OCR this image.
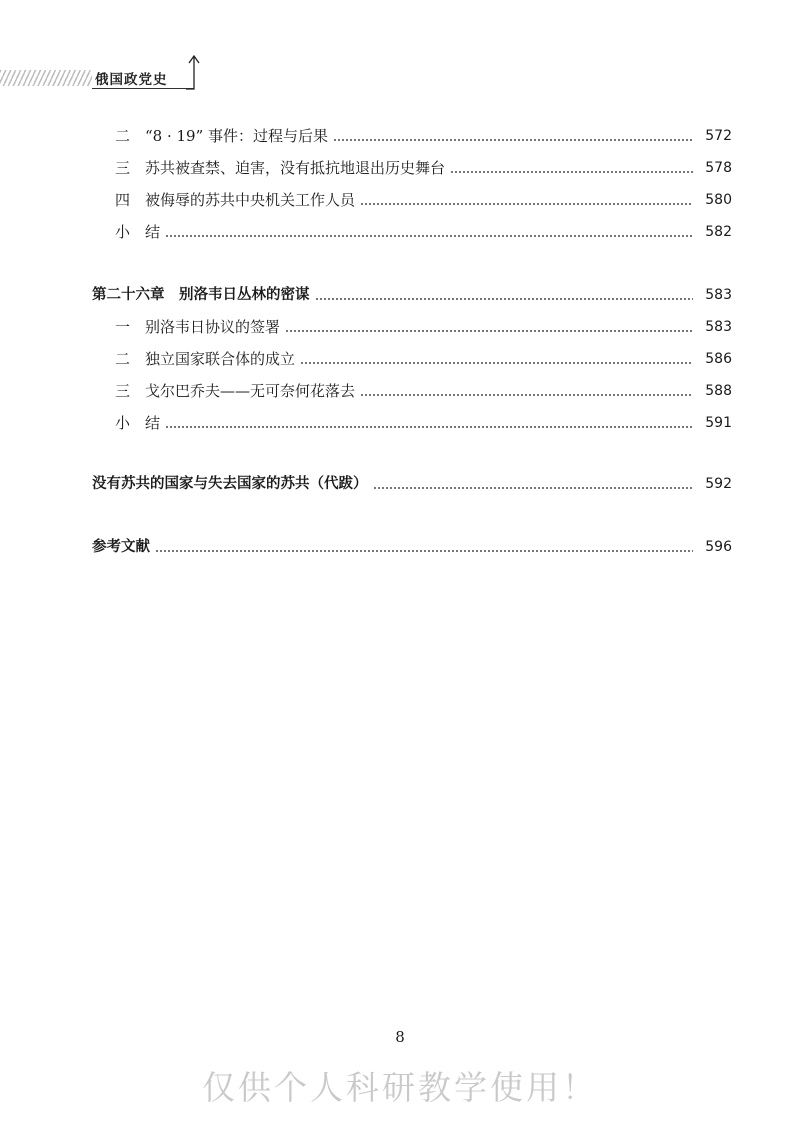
俄国政党史
二　“8 · 19” 事件：过程与后果	572
三　苏共被查禁、迫害，没有抵抗地退出历史舞台	578
四　被侮辱的苏共中央机关工作人员	580
小　结	582
第二十六章　别洛韦日丛林的密谋	583
一　别洛韦日协议的签署	583
二　独立国家联合体的成立	586
三　戈尔巴乔夫——无可奈何花落去	588
小　结	591
没有苏共的国家与失去国家的苏共（代跋）	592
参考文献	596
8
仅供个人科研教学使用！
